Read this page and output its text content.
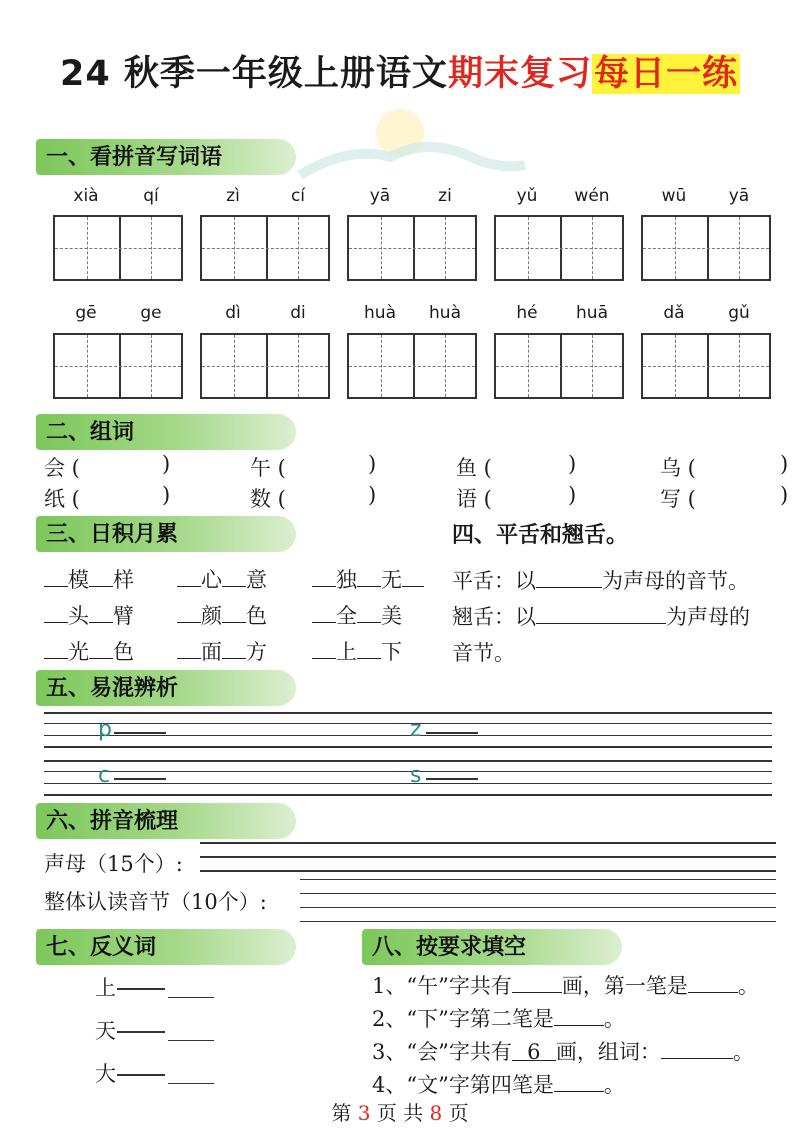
24 秋季一年级上册语文期末复习每日一练
一、看拼音写词语
xià	qí	zì	cí	yā	zi	yǔ	wén	wū	yā
gē	ge	dì	di	huà	huà	hé	huā	dǎ	gǔ
二、组词
会 (	)	午 (	)	鱼 (	)	乌 (	)
纸 (	)	数 (	)	语 (	)	写 (	)
三、日积月累
模 样	心 意	独 无
头 臂	颜 色	全 美
光 色	面 方	上 下
四、平舌和翘舌。
平舌：以	为声母的音节。
翘舌：以	为声母的
音节。
五、易混辨析
p	z
c	s
六、拼音梳理
声母（15个）:
整体认读音节（10个）:
七、反义词
上
天
大
八、按要求填空
1、“午”字共有 画，第一笔是 。
2、“下”字第二笔是 。
3、“会”字共有 6 画，组词：	。
4、“文”字第四笔是 。
第 3 页 共 8 页
